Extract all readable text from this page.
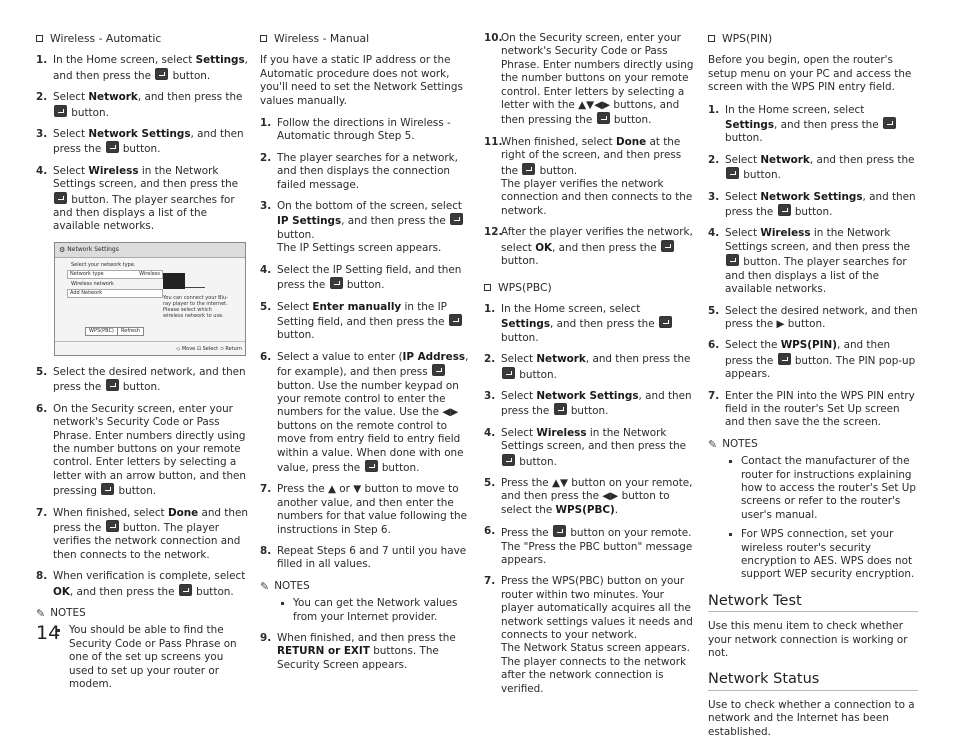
Wireless - Automatic
1. In the Home screen, select Settings, and then press the  button.
2. Select Network, and then press the  button.
3. Select Network Settings, and then press the  button.
4. Select Wireless in the Network Settings screen, and then press the  button. The player searches for and then displays a list of the available networks.
⚙ Network Settings
Select your network type.
Network type	Wireless
Wireless network
Add Network
You can connect your Blu-ray player to the internet. Please select which wireless network to use.
WPS(PBC)	Refresh
◇ Move ⊡ Select ⊃ Return
5. Select the desired network, and then press the  button.
6. On the Security screen, enter your network's Security Code or Pass Phrase. Enter numbers directly using the number buttons on your remote control. Enter letters by selecting a letter with an arrow button, and then pressing  button.
7. When finished, select Done and then press the  button. The player verifies the network connection and then connects to the network.
8. When verification is complete, select OK, and then press the  button.
✎ NOTES
You should be able to find the Security Code or Pass Phrase on one of the set up screens you used to set up your router or modem.
Wireless - Manual

If you have a static IP address or the Automatic procedure does not work, you'll need to set the Network Settings values manually.

1. Follow the directions in Wireless - Automatic through Step 5.
2. The player searches for a network, and then displays the connection failed message.
3. On the bottom of the screen, select IP Settings, and then press the  button.
The IP Settings screen appears.
4. Select the IP Setting field, and then press the  button.
5. Select Enter manually in the IP Setting field, and then press the  button.
6. Select a value to enter (IP Address, for example), and then press  button. Use the number keypad on your remote control to enter the numbers for the value. Use the ◀▶ buttons on the remote control to move from entry field to entry field within a value. When done with one value, press the  button.
7. Press the ▲ or ▼ button to move to another value, and then enter the numbers for that value following the instructions in Step 6.
8. Repeat Steps 6 and 7 until you have filled in all values.
✎ NOTES
You can get the Network values from your Internet provider.
9. When finished, and then press the RETURN or EXIT buttons. The Security Screen appears.
10.
On the Security screen, enter your network's Security Code or Pass Phrase. Enter numbers directly using the number buttons on your remote control. Enter letters by selecting a letter with the ▲▼◀▶ buttons, and then pressing the  button.
11.
When finished, select Done at the right of the screen, and then press the  button.
The player verifies the network connection and then connects to the network.
12.
After the player verifies the network, select OK, and then press the  button.
WPS(PBC)
1. In the Home screen, select Settings, and then press the  button.
2. Select Network, and then press the  button.
3. Select Network Settings, and then press the  button.
4. Select Wireless in the Network Settings screen, and then press the  button.
5. Press the ▲▼ button on your remote, and then press the ◀▶ button to select the WPS(PBC).
6. Press the  button on your remote. The "Press the PBC button" message appears.
7. Press the WPS(PBC) button on your router within two minutes. Your player automatically acquires all the network settings values it needs and connects to your network.
The Network Status screen appears. The player connects to the network after the network connection is verified.
WPS(PIN)

Before you begin, open the router's setup menu on your PC and access the screen with the WPS PIN entry field.

1. In the Home screen, select Settings, and then press the  button.
2. Select Network, and then press the  button.
3. Select Network Settings, and then press the  button.
4. Select Wireless in the Network Settings screen, and then press the  button. The player searches for and then displays a list of the available networks.
5. Select the desired network, and then press the ▶ button.
6. Select the WPS(PIN), and then press the  button. The PIN pop-up appears.
7. Enter the PIN into the WPS PIN entry field in the router's Set Up screen and then save the the screen.
✎ NOTES
Contact the manufacturer of the router for instructions explaining how to access the router's Set Up screens or refer to the router's user's manual.
For WPS connection, set your wireless router's security encryption to AES. WPS does not support WEP security encryption.
Network Test

Use this menu item to check whether your network connection is working or not.

Network Status

Use to check whether a connection to a network and the Internet has been established.

14
